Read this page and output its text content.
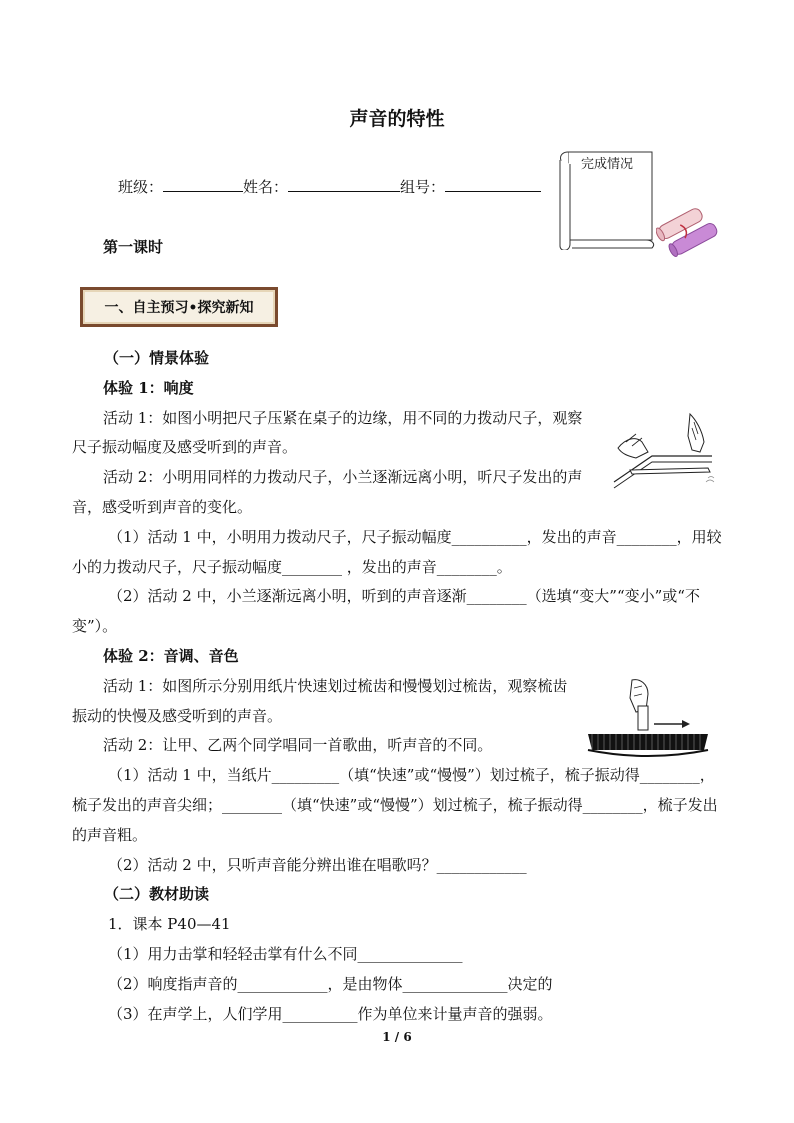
声音的特性
班级：	姓名：	组号：
完成情况
第一课时
一、自主预习•探究新知

（一）情景体验

体验 1：响度

活动 1：如图小明把尺子压紧在桌子的边缘，用不同的力拨动尺子，观察尺子振动幅度及感受听到的声音。

活动 2：小明用同样的力拨动尺子，小兰逐渐远离小明，听尺子发出的声音，感受听到声音的变化。

（1）活动 1 中，小明用力拨动尺子，尺子振动幅度__________，发出的声音________，用较小的力拨动尺子，尺子振动幅度________ ，发出的声音________。

（2）活动 2 中，小兰逐渐远离小明，听到的声音逐渐________（选填“变大”“变小”或“不变”）。

体验 2：音调、音色

活动 1：如图所示分别用纸片快速划过梳齿和慢慢划过梳齿，观察梳齿振动的快慢及感受听到的声音。

活动 2：让甲、乙两个同学唱同一首歌曲，听声音的不同。

（1）活动 1 中，当纸片_________（填“快速”或“慢慢”）划过梳子，梳子振动得________，梳子发出的声音尖细；________（填“快速”或“慢慢”）划过梳子，梳子振动得________，梳子发出的声音粗。

（2）活动 2 中，只听声音能分辨出谁在唱歌吗？____________

（二）教材助读

1．课本 P40—41

（1）用力击掌和轻轻击掌有什么不同______________

（2）响度指声音的____________，是由物体______________决定的

（3）在声学上，人们学用__________作为单位来计量声音的强弱。

1 / 6
